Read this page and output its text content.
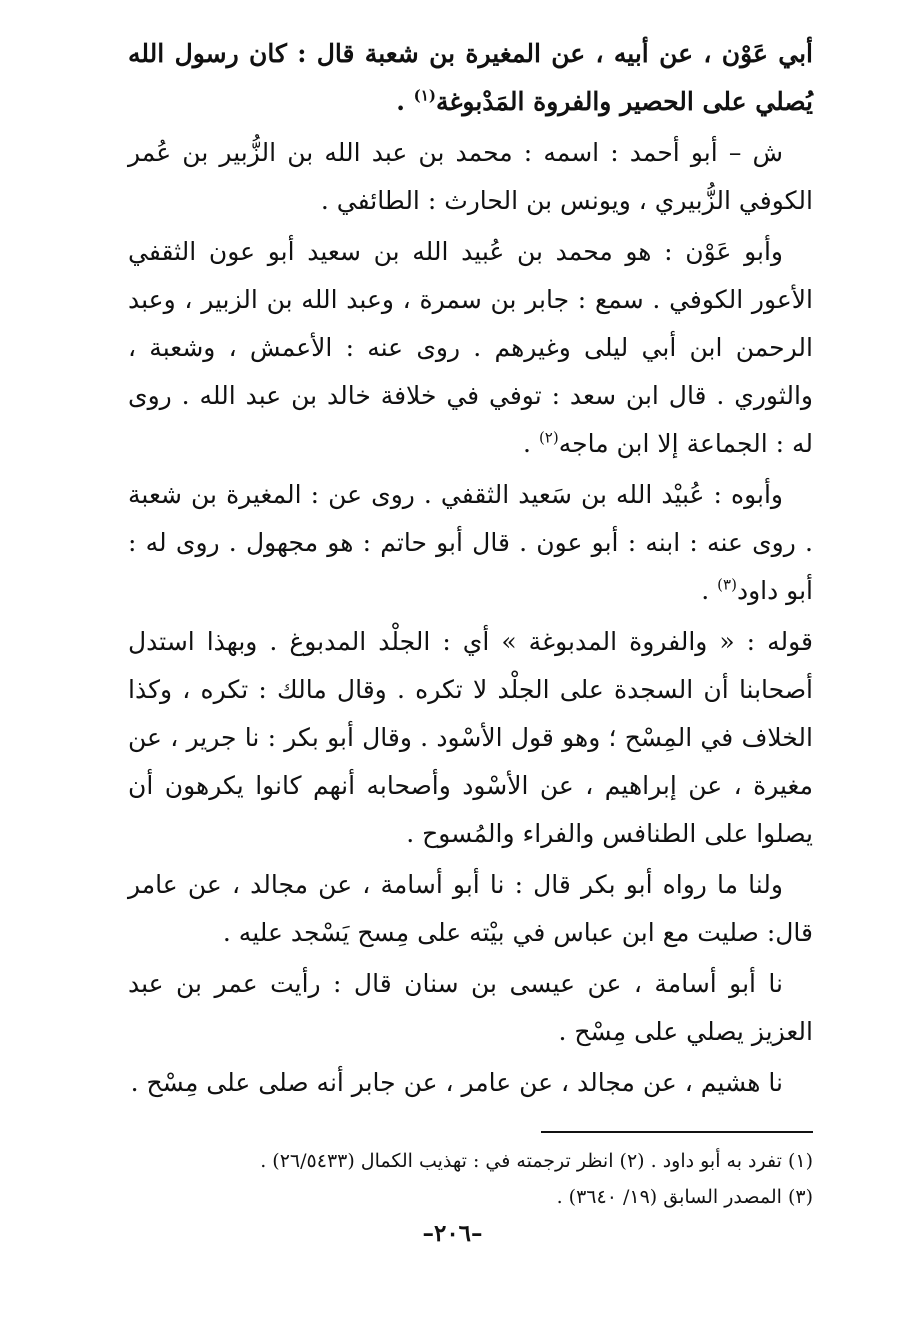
أبي عَوْن ، عن أبيه ، عن المغيرة بن شعبة قال : كان رسول الله يُصلي على الحصير والفروة المَدْبوغة$^{(١)}$ .

ش – أبو أحمد : اسمه : محمد بن عبد الله بن الزُّبير بن عُمر الكوفي الزُّبيري ، ويونس بن الحارث : الطائفي .

وأبو عَوْن : هو محمد بن عُبيد الله بن سعيد أبو عون الثقفي الأعور الكوفي . سمع : جابر بن سمرة ، وعبد الله بن الزبير ، وعبد الرحمن ابن أبي ليلى وغيرهم . روى عنه : الأعمش ، وشعبة ، والثوري . قال ابن سعد : توفي في خلافة خالد بن عبد الله . روى له : الجماعة إلا ابن ماجه$^{(٢)}$ .

وأبوه : عُبيْد الله بن سَعيد الثقفي . روى عن : المغيرة بن شعبة . روى عنه : ابنه : أبو عون . قال أبو حاتم : هو مجهول . روى له : أبو داود$^{(٣)}$ .

قوله : « والفروة المدبوغة » أي : الجلْد المدبوغ . وبهذا استدل أصحابنا أن السجدة على الجلْد لا تكره . وقال مالك : تكره ، وكذا الخلاف في المِسْح ؛ وهو قول الأسْود . وقال أبو بكر : نا جرير ، عن مغيرة ، عن إبراهيم ، عن الأسْود وأصحابه أنهم كانوا يكرهون أن يصلوا على الطنافس والفراء والمُسوح .

ولنا ما رواه أبو بكر قال : نا أبو أسامة ، عن مجالد ، عن عامر قال: صليت مع ابن عباس في بيْته على مِسح يَسْجد عليه .

نا أبو أسامة ، عن عيسى بن سنان قال : رأيت عمر بن عبد العزيز يصلي على مِسْح .

نا هشيم ، عن مجالد ، عن عامر ، عن جابر أنه صلى على مِسْح .

(١) تفرد به أبو داود . (٢) انظر ترجمته في : تهذيب الكمال (٢٦/٥٤٣٣) .
(٣) المصدر السابق (١٩/ ٣٦٤٠) .
–٢٠٦–
